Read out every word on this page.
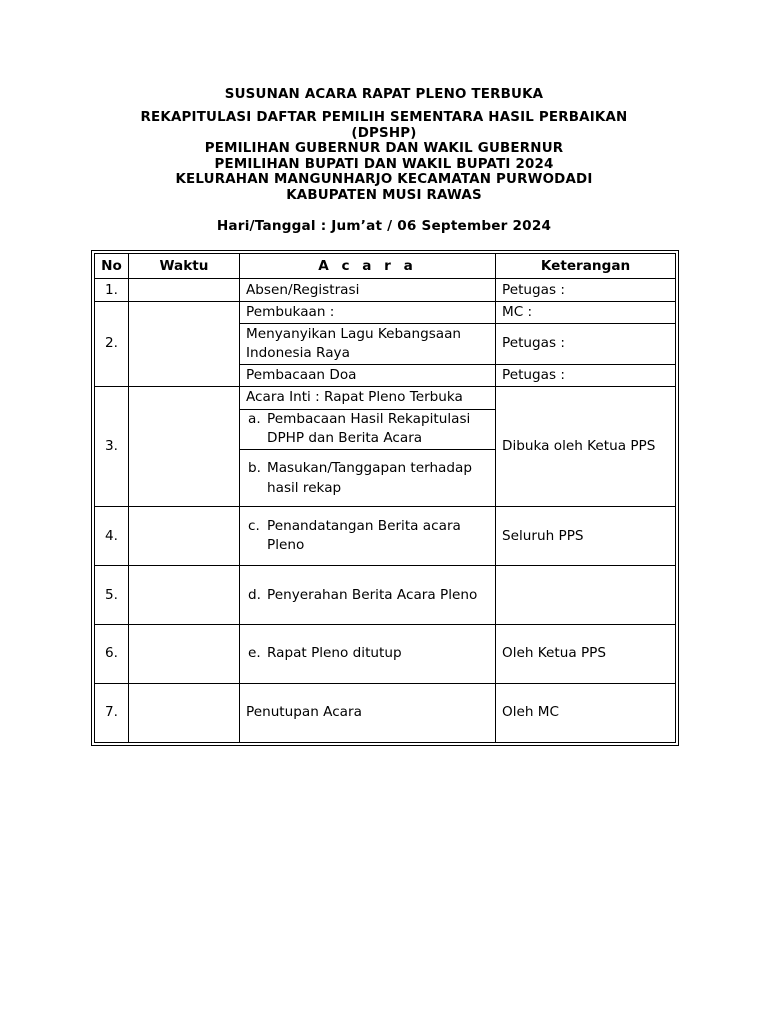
SUSUNAN ACARA RAPAT PLENO TERBUKA
REKAPITULASI DAFTAR PEMILIH SEMENTARA HASIL PERBAIKAN
(DPSHP)
PEMILIHAN GUBERNUR DAN WAKIL GUBERNUR
PEMILIHAN BUPATI DAN WAKIL BUPATI 2024
KELURAHAN MANGUNHARJO KECAMATAN PURWODADI
KABUPATEN MUSI RAWAS
Hari/Tanggal : Jum’at / 06 September 2024
No	Waktu	A c a r a	Keterangan
1.		Absen/Registrasi	Petugas :
2.		Pembukaan :	MC :
		Menyanyikan Lagu Kebangsaan Indonesia Raya	Petugas :
		Pembacaan Doa	Petugas :
3.		Acara Inti : Rapat Pleno Terbuka	Dibuka oleh Ketua PPS

		a. Pembacaan Hasil Rekapitulasi DPHP dan Berita Acara	

		b. Masukan/Tanggapan terhadap hasil rekap	

4.		c. Penandatangan Berita acara Pleno	Seluruh PPS
5.		d. Penyerahan Berita Acara Pleno	

6.		e. Rapat Pleno ditutup	Oleh Ketua PPS
7.		Penutupan Acara	Oleh MC
